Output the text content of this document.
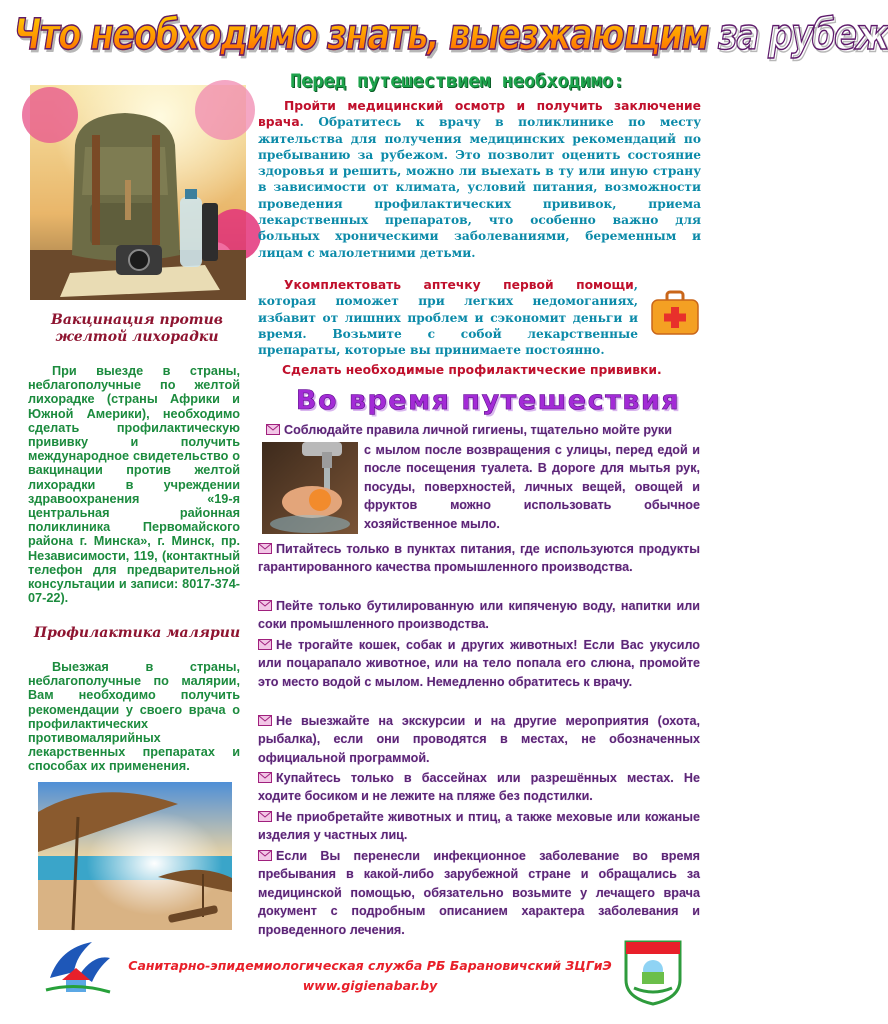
Что необходимо знать, выезжающим за рубеж
Перед путешествием необходимо:

Пройти медицинский осмотр и получить заключение врача. Обратитесь к врачу в поликлинике по месту жительства для получения медицинских рекомендаций по пребыванию за рубежом. Это позволит оценить состояние здоровья и решить, можно ли выехать в ту или иную страну в зависимости от климата, условий питания, возможности проведения профилактических прививок, приема лекарственных препаратов, что особенно важно для больных хроническими заболеваниями, беременным и лицам с малолетними детьми.

Укомплектовать аптечку первой помощи, которая поможет при легких недомоганиях, избавит от лишних проблем и сэкономит деньги и время. Возьмите с собой лекарственные препараты, которые вы принимаете постоянно.

Сделать необходимые профилактические прививки.

Во время путешествия
Соблюдайте правила личной гигиены, тщательно мойте руки
с мылом после возвращения с улицы, перед едой и после посещения туалета. В дороге для мытья рук, посуды, поверхностей, личных вещей, овощей и фруктов можно использовать обычное хозяйственное мыло.
Питайтесь только в пунктах питания, где используются продукты гарантированного качества промышленного производства.
Пейте только бутилированную или кипяченую воду, напитки или соки промышленного производства.
Не трогайте кошек, собак и других животных! Если Вас укусило или поцарапало животное, или на тело попала его слюна, промойте это место водой с мылом. Немедленно обратитесь к врачу.
Не выезжайте на экскурсии и на другие мероприятия (охота, рыбалка), если они проводятся в местах, не обозначенных официальной программой.
Купайтесь только в бассейнах или разрешённых местах. Не ходите босиком и не лежите на пляже без подстилки.
Не приобретайте животных и птиц, а также меховые или кожаные изделия у частных лиц.
Если Вы перенесли инфекционное заболевание во время пребывания в какой-либо зарубежной стране и обращались за медицинской помощью, обязательно возьмите у лечащего врача документ с подробным описанием характера заболевания и проведенного лечения.
Вакцинация против желтой лихорадки

При выезде в страны, неблагополучные по желтой лихорадке (страны Африки и Южной Америки), необходимо сделать профилактическую прививку и получить международное свидетельство о вакцинации против желтой лихорадки в учреждении здравоохранения «19-я центральная районная поликлиника Первомайского района г. Минска», г. Минск, пр. Независимости, 119, (контактный телефон для предварительной консультации и записи: 8017-374-07-22).

Профилактика малярии

Выезжая в страны, неблагополучные по малярии, Вам необходимо получить рекомендации у своего врача о профилактических противомалярийных лекарственных препаратах и способах их применения.

Санитарно-эпидемиологическая служба РБ Барановичский ЗЦГиЭ
www.gigienabar.by
